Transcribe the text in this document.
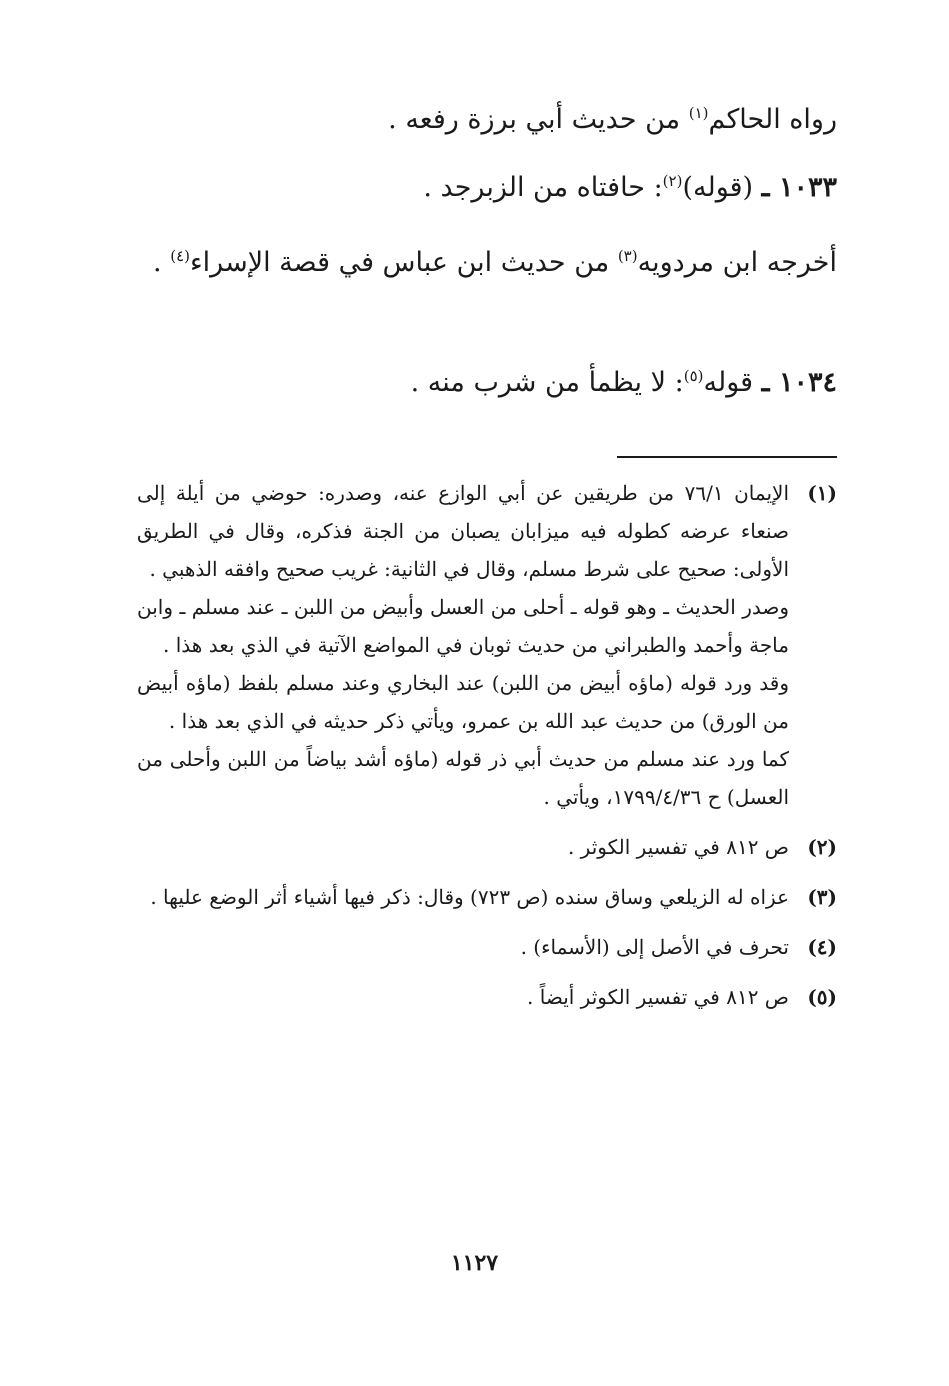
رواه الحاكم$^{(١)}$ من حديث أبي برزة رفعه .

١٠٣٣ ـ (قوله)$^{(٢)}$: حافتاه من الزبرجد .

أخرجه ابن مردويه$^{(٣)}$ من حديث ابن عباس في قصة الإسراء$^{(٤)}$ .

١٠٣٤ ـ قوله$^{(٥)}$: لا يظمأ من شرب منه .

(١)

الإيمان ٧٦/١ من طريقين عن أبي الوازع عنه، وصدره: حوضي من أيلة إلى صنعاء عرضه كطوله فيه ميزابان يصبان من الجنة فذكره، وقال في الطريق الأولى: صحيح على شرط مسلم، وقال في الثانية: غريب صحيح وافقه الذهبي .

وصدر الحديث ـ وهو قوله ـ أحلى من العسل وأبيض من اللبن ـ عند مسلم ـ وابن ماجة وأحمد والطبراني من حديث ثوبان في المواضع الآتية في الذي بعد هذا .

وقد ورد قوله (ماؤه أبيض من اللبن) عند البخاري وعند مسلم بلفظ (ماؤه أبيض من الورق) من حديث عبد الله بن عمرو، ويأتي ذكر حديثه في الذي بعد هذا .

كما ورد عند مسلم من حديث أبي ذر قوله (ماؤه أشد بياضاً من اللبن وأحلى من العسل) ح ١٧٩٩/٤/٣٦، ويأتي .

(٢)

ص ٨١٢ في تفسير الكوثر .

(٣)

عزاه له الزيلعي وساق سنده (ص ٧٢٣) وقال: ذكر فيها أشياء أثر الوضع عليها .

(٤)

تحرف في الأصل إلى (الأسماء) .

(٥)

ص ٨١٢ في تفسير الكوثر أيضاً .

١١٢٧
